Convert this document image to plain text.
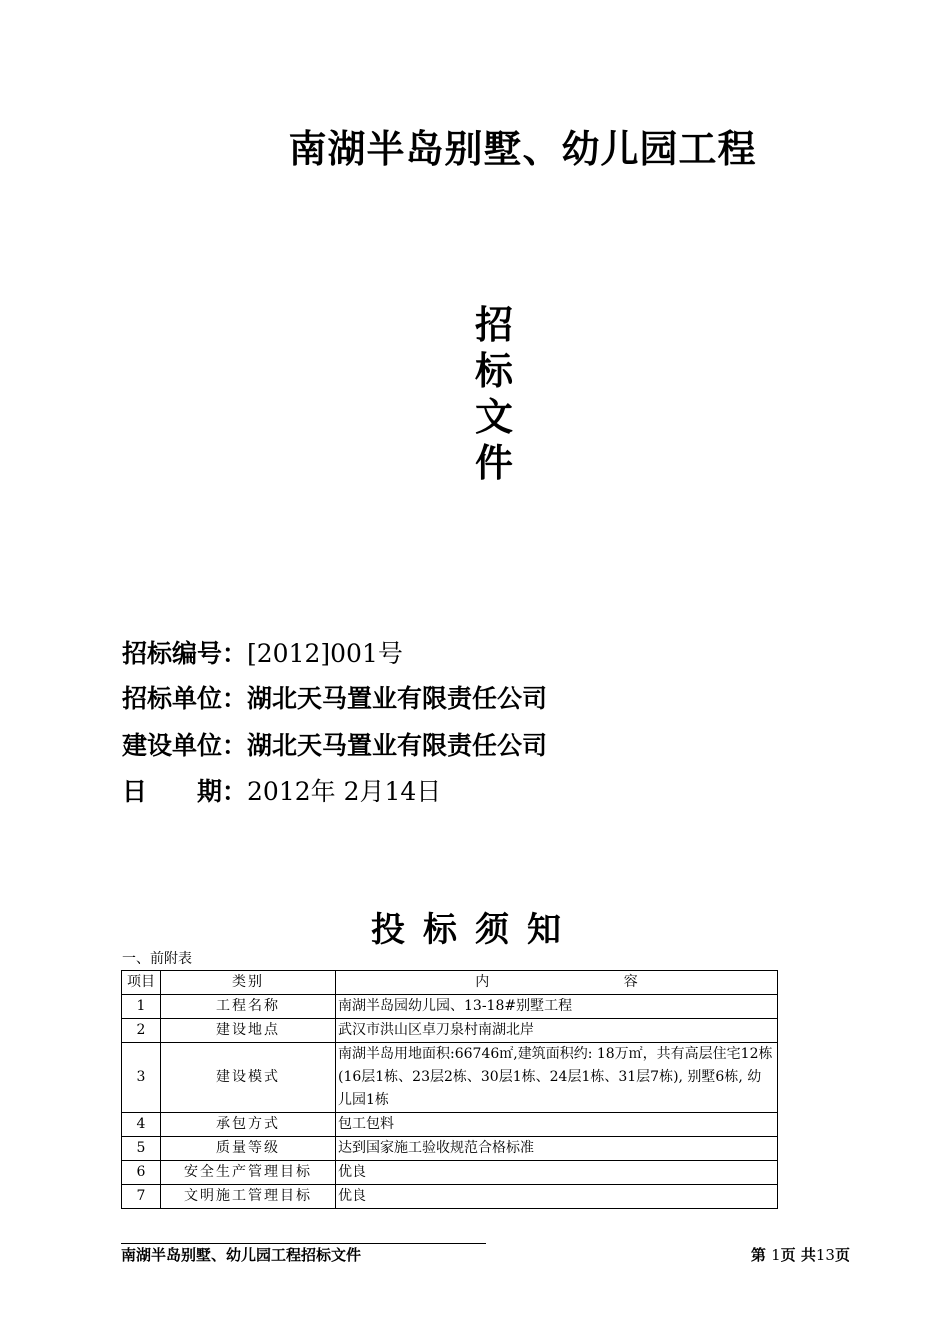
南湖半岛别墅、幼儿园工程
招
标
文
件
招标编号：[2012]001号
招标单位：湖北天马置业有限责任公司
建设单位：湖北天马置业有限责任公司
日　　期：2012年 2月14日
投标须知
一、前附表
项目	类别	内 容
1	工程名称	南湖半岛园幼儿园、13-18#别墅工程
2	建设地点	武汉市洪山区卓刀泉村南湖北岸
3	建设模式	南湖半岛用地面积:66746㎡,建筑面积约: 18万㎡，共有高层住宅12栋(16层1栋、23层2栋、30层1栋、24层1栋、31层7栋), 别墅6栋, 幼儿园1栋
4	承包方式	包工包料
5	质量等级	达到国家施工验收规范合格标准
6	安全生产管理目标	优良
7	文明施工管理目标	优良
南湖半岛别墅、幼儿园工程招标文件	第 1页 共13页
